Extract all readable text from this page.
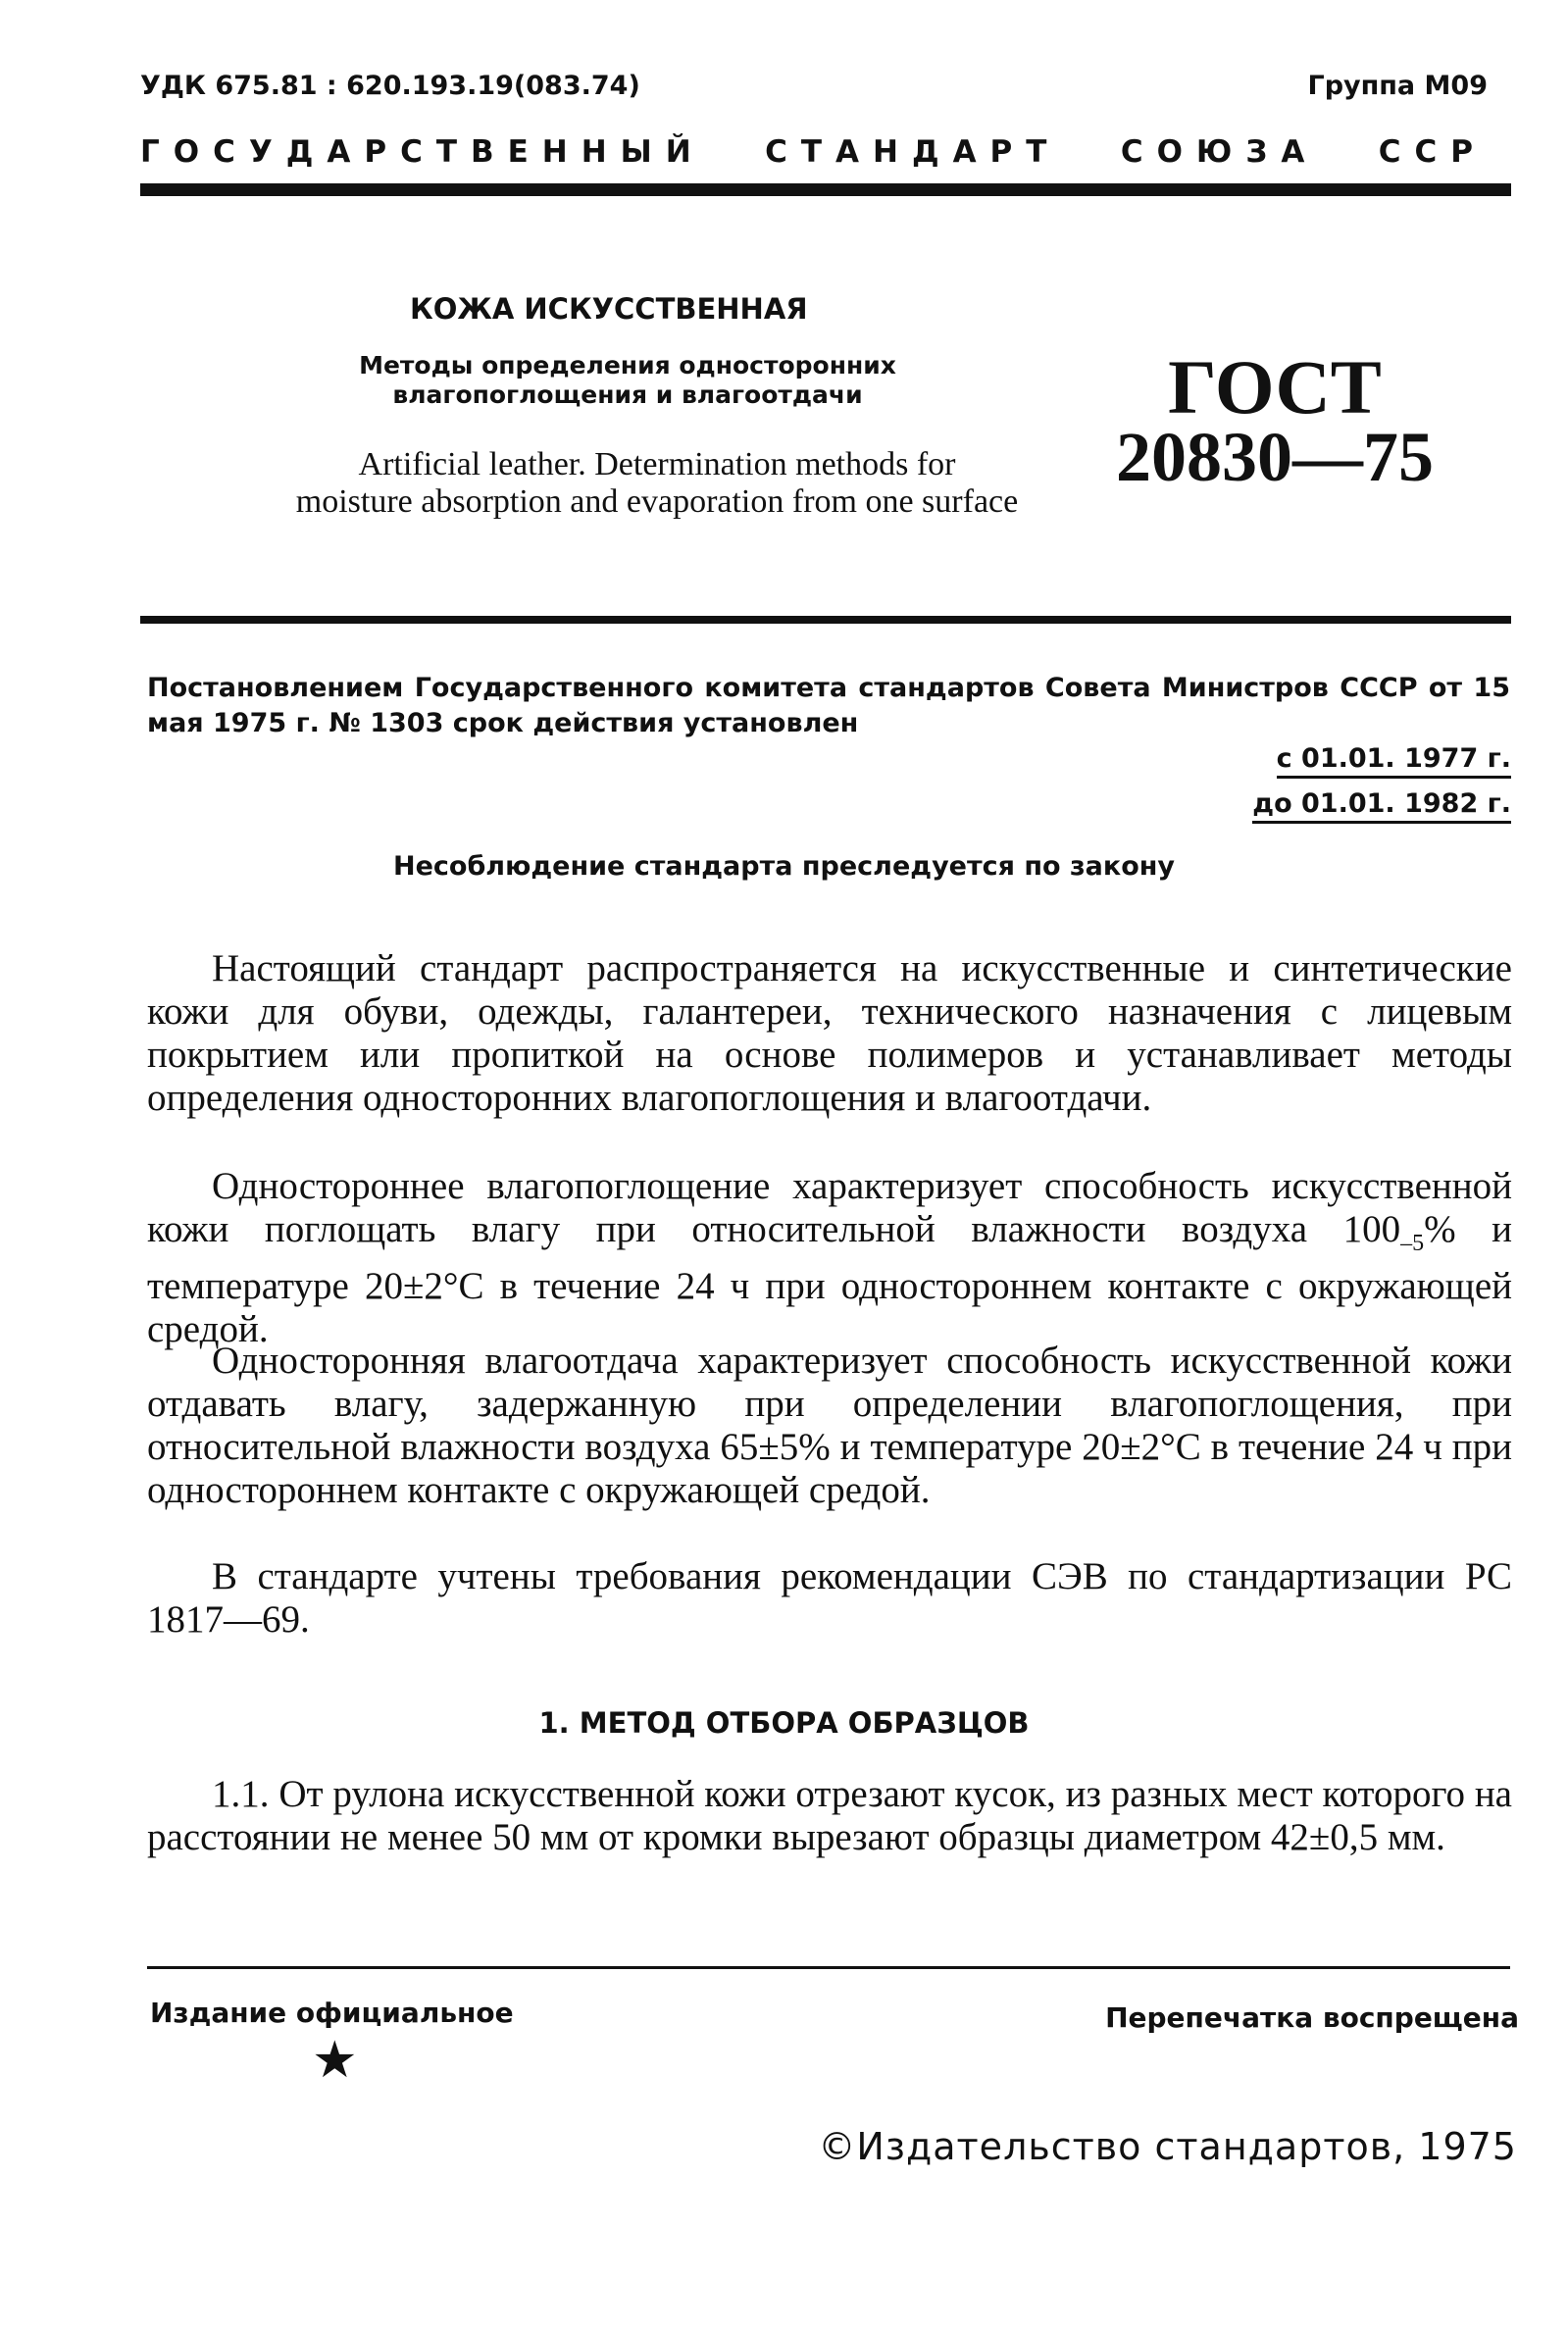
УДК 675.81 : 620.193.19(083.74)	Группа М09
ГОСУДАРСТВЕННЫЙ СТАНДАРТ СОЮЗА ССР
КОЖА ИСКУССТВЕННАЯ
Методы определения односторонних
влагопоглощения и влагоотдачи
Artificial leather. Determination methods for
moisture absorption and evaporation from one surface
ГОСТ
20830—75
Постановлением Государственного комитета стандартов Совета Министров СССР от 15 мая 1975 г. № 1303 срок действия установлен
с 01.01. 1977 г.
до 01.01. 1982 г.
Несоблюдение стандарта преследуется по закону

Настоящий стандарт распространяется на искусственные и синтетические кожи для обуви, одежды, галантереи, технического назначения с лицевым покрытием или пропиткой на основе полимеров и устанавливает методы определения односторонних влагопоглощения и влагоотдачи.

Одностороннее влагопоглощение характеризует способность искусственной кожи поглощать влагу при относительной влажности воздуха $100_{-5}\%$ и температуре 20±2°С в течение 24 ч при одностороннем контакте с окружающей средой.

Односторонняя влагоотдача характеризует способность искусственной кожи отдавать влагу, задержанную при определении влагопоглощения, при относительной влажности воздуха 65±5% и температуре 20±2°С в течение 24 ч при одностороннем контакте с окружающей средой.

В стандарте учтены требования рекомендации СЭВ по стандартизации РС 1817—69.

1. МЕТОД ОТБОРА ОБРАЗЦОВ

1.1. От рулона искусственной кожи отрезают кусок, из разных мест которого на расстоянии не менее 50 мм от кромки вырезают образцы диаметром 42±0,5 мм.

Издание официальное	Перепечатка воспрещена
★
©Издательство стандартов, 1975
